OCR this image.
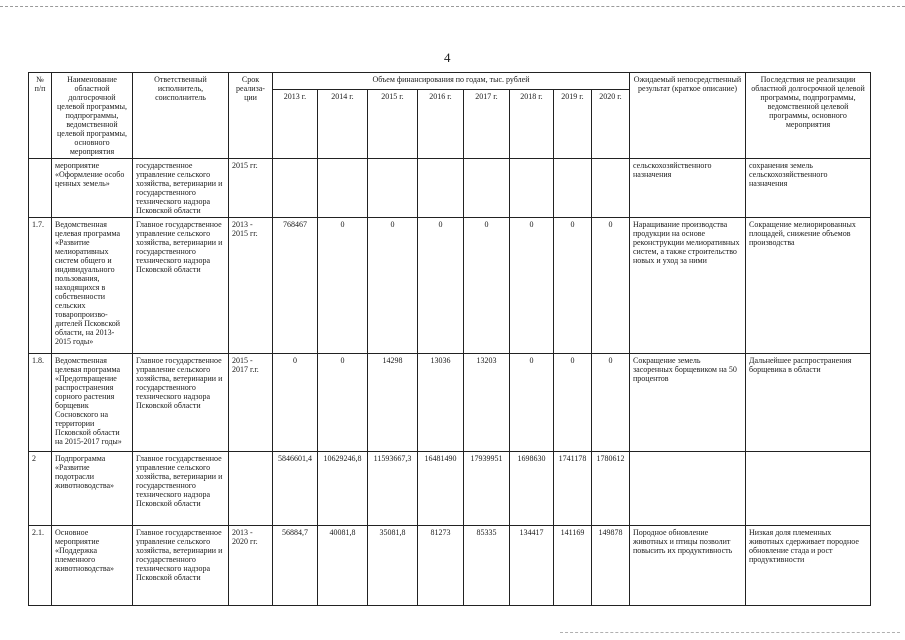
4
№ п/п	Наименование областной долгосрочной целевой программы, подпрограммы, ведомственной целевой программы, основного мероприятия	Ответственный исполнитель, соисполнитель	Срок реализа-ции	Объем финансирования по годам, тыс. рублей								Ожидаемый непосредственный результат (краткое описание)	Последствия не реализации областной долгосрочной целевой программы, подпрограммы, ведомственной целевой программы, основного мероприятия
				2013 г.	2014 г.	2015 г.	2016 г.	2017 г.	2018 г.	2019 г.	2020 г.		
	мероприятие «Оформление особо ценных земель»	государственное управление сельского хозяйства, ветеринарии и государственного технического надзора Псковской области	2015 гг.									сельскохозяйственного назначения	сохранения земель сельскохозяйственного назначения
1.7.	Ведомственная целевая программа «Развитие мелиоративных систем общего и индивидуального пользования, находящихся в собственности сельских товаропроизво-дителей Псковской области, на 2013-2015 годы»	Главное государственное управление сельского хозяйства, ветеринарии и государственного технического надзора Псковской области	2013 - 2015 гг.	768467	0	0	0	0	0	0	0	Наращивание производства продукции на основе реконструкции мелиоративных систем, а также строительство новых и уход за ними	Сокращение мелиорированных площадей, снижение объемов производства
1.8.	Ведомственная целевая программа «Предотвращение распространения сорного растения борщевик Сосновского на территории Псковской области на 2015-2017 годы»	Главное государственное управление сельского хозяйства, ветеринарии и государственного технического надзора Псковской области	2015 - 2017 г.г.	0	0	14298	13036	13203	0	0	0	Сокращение земель засоренных борщевиком на 50 процентов	Дальнейшее распространения борщевика в области
2	Подпрограмма «Развитие подотрасли животноводства»	Главное государственное управление сельского хозяйства, ветеринарии и государственного технического надзора Псковской области		5846601,4	10629246,8	11593667,3	16481490	17939951	1698630	1741178	1780612		
2.1.	Основное мероприятие «Поддержка племенного животноводства»	Главное государственное управление сельского хозяйства, ветеринарии и государственного технического надзора Псковской области	2013 - 2020 гг.	56884,7	40081,8	35081,8	81273	85335	134417	141169	149878	Породное обновление животных и птицы позволит повысить их продуктивность	Низкая доля племенных животных сдерживает породное обновление стада и рост продуктивности
